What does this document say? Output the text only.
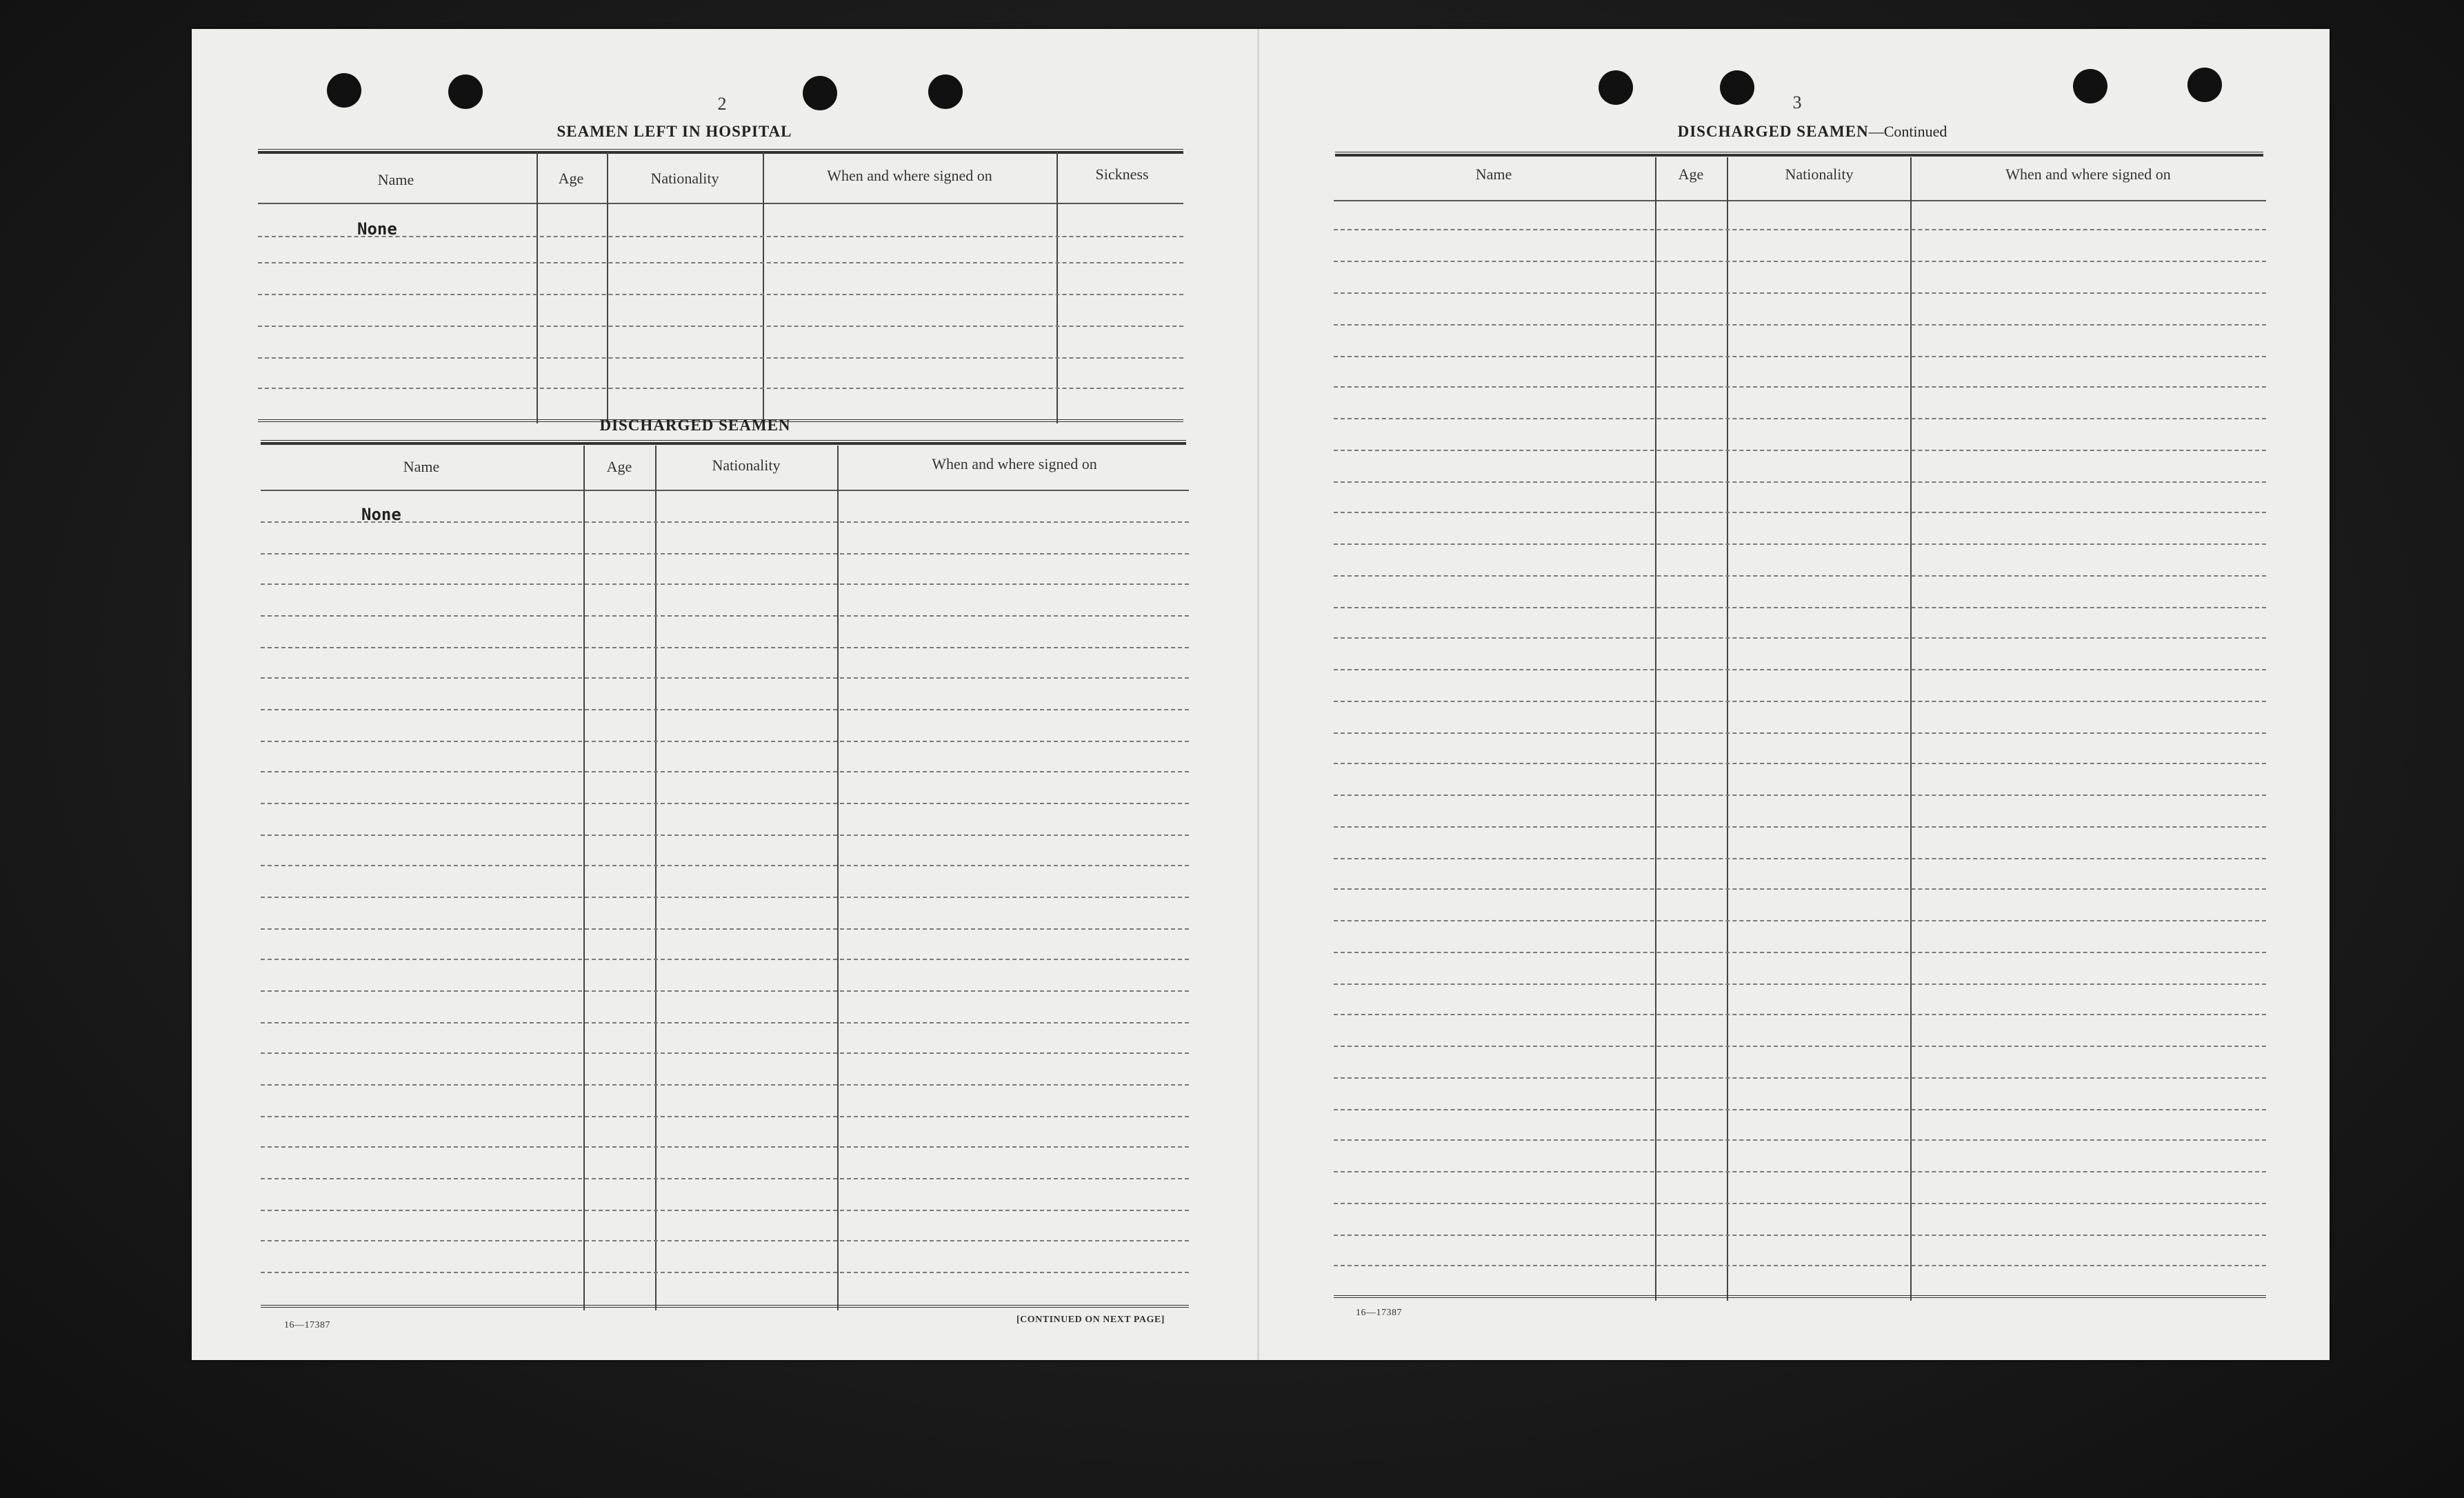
2
SEAMEN LEFT IN HOSPITAL
Name	Age	Nationality	When and where signed on	Sickness
None
DISCHARGED SEAMEN
Name	Age	Nationality	When and where signed on
None
16—17387
[CONTINUED ON NEXT PAGE]
3
DISCHARGED SEAMEN—Continued
Name	Age	Nationality	When and where signed on
16—17387
